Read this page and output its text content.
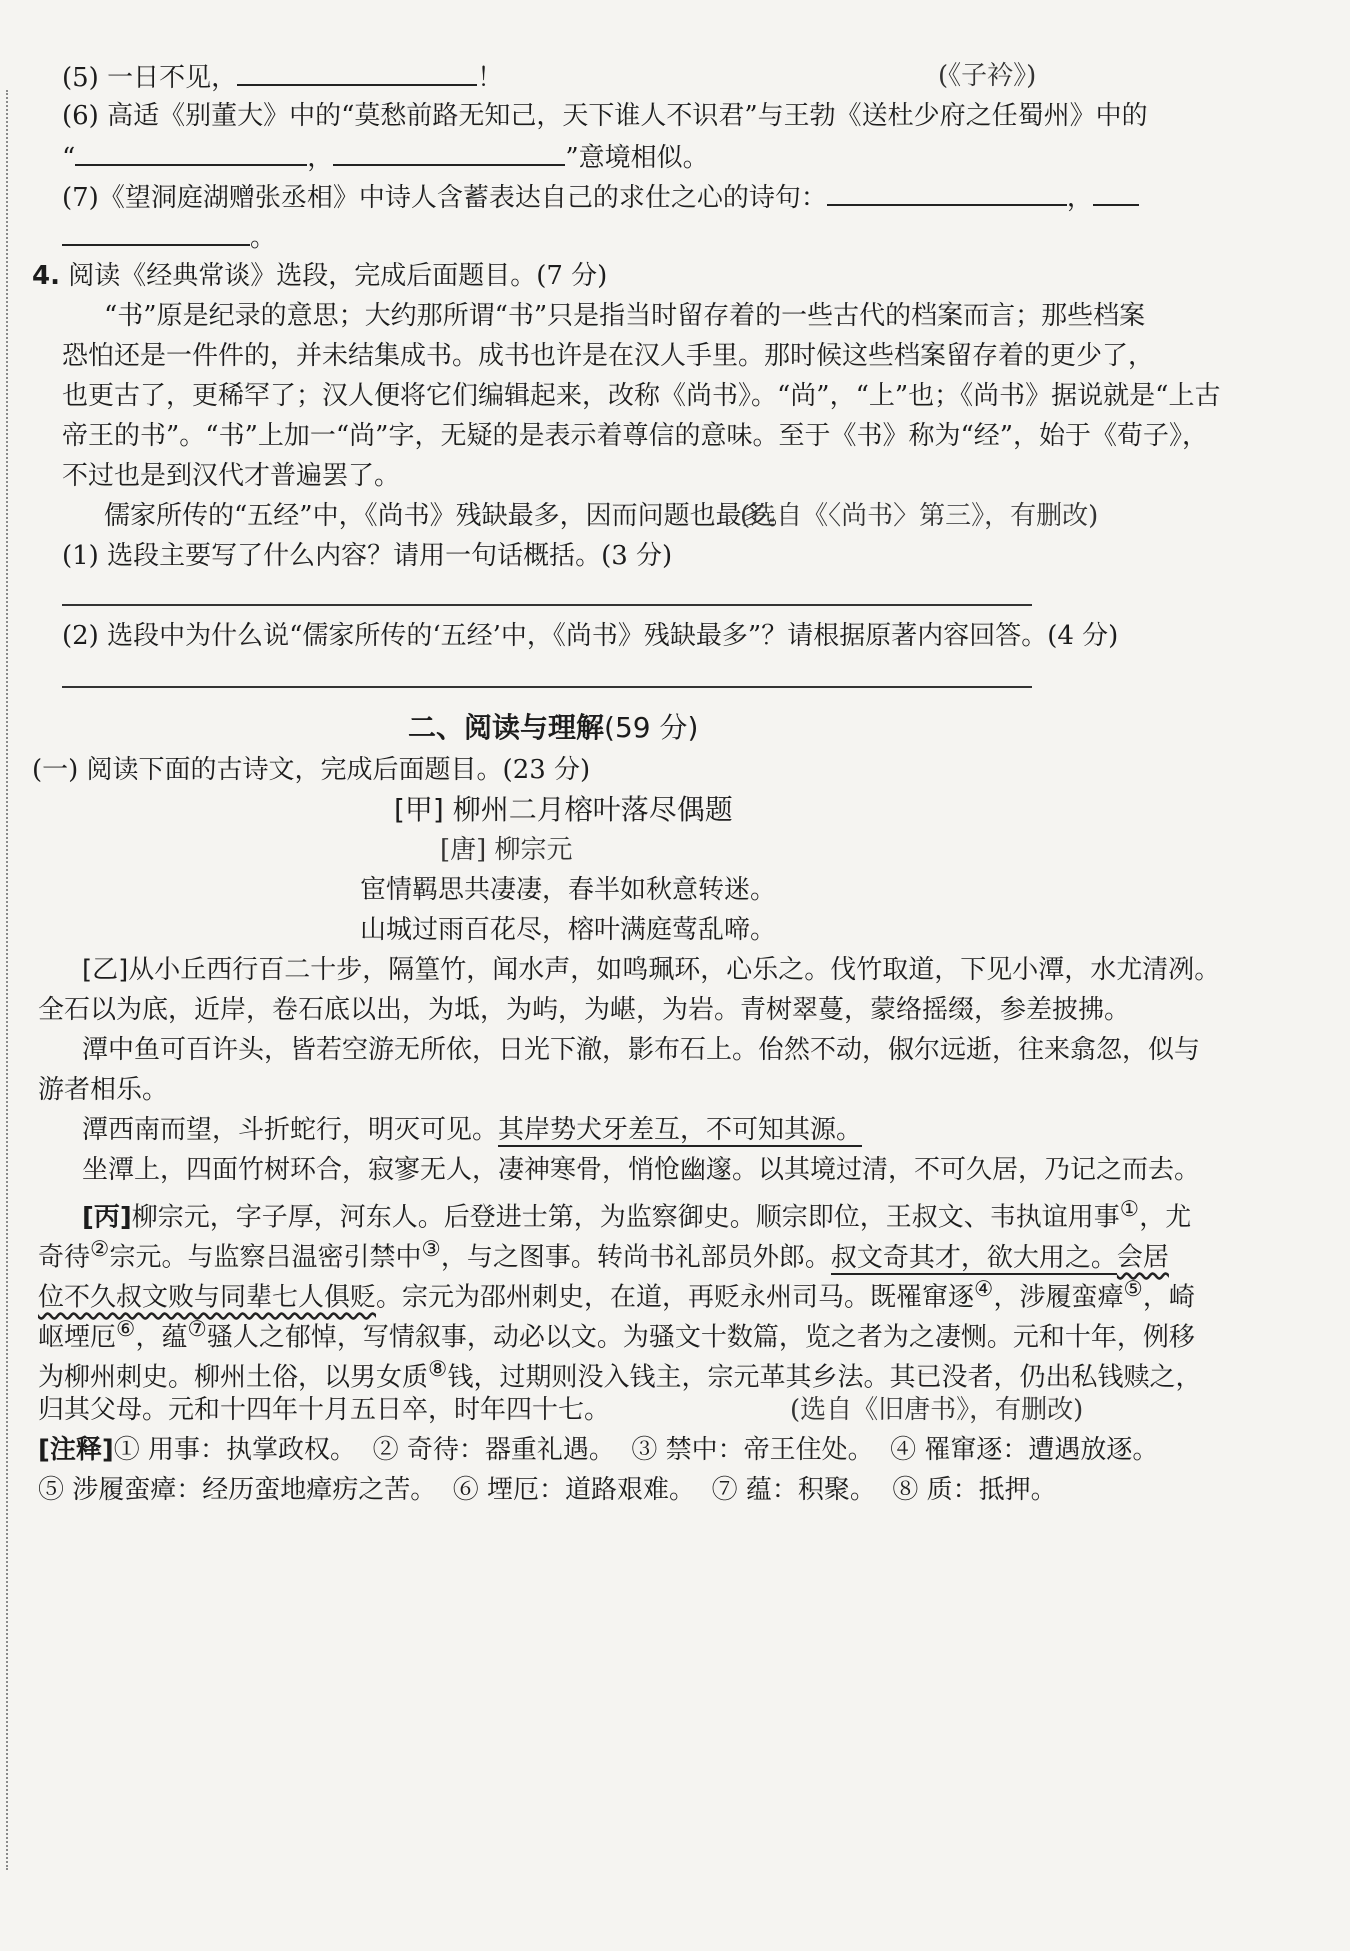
(5) 一日不见，	！	(《子衿》)
(6) 高适《别董大》中的“莫愁前路无知己，天下谁人不识君”与王勃《送杜少府之任蜀州》中的
“	，	”意境相似。
(7)《望洞庭湖赠张丞相》中诗人含蓄表达自己的求仕之心的诗句：	，
。
4. 阅读《经典常谈》选段，完成后面题目。(7 分)
“书”原是纪录的意思；大约那所谓“书”只是指当时留存着的一些古代的档案而言；那些档案
恐怕还是一件件的，并未结集成书。成书也许是在汉人手里。那时候这些档案留存着的更少了，
也更古了，更稀罕了；汉人便将它们编辑起来，改称《尚书》。“尚”，“上”也；《尚书》据说就是“上古
帝王的书”。“书”上加一“尚”字，无疑的是表示着尊信的意味。至于《书》称为“经”，始于《荀子》，
不过也是到汉代才普遍罢了。
儒家所传的“五经”中，《尚书》残缺最多，因而问题也最多。
(选自《〈尚书〉第三》，有删改)
(1) 选段主要写了什么内容？请用一句话概括。(3 分)
(2) 选段中为什么说“儒家所传的‘五经’中，《尚书》残缺最多”？请根据原著内容回答。(4 分)
二、阅读与理解(59 分)
(一) 阅读下面的古诗文，完成后面题目。(23 分)
[甲] 柳州二月榕叶落尽偶题
[唐] 柳宗元
宦情羁思共凄凄，春半如秋意转迷。
山城过雨百花尽，榕叶满庭莺乱啼。
[乙]从小丘西行百二十步，隔篁竹，闻水声，如鸣珮环，心乐之。伐竹取道，下见小潭，水尤清冽。
全石以为底，近岸，卷石底以出，为坻，为屿，为嵁，为岩。青树翠蔓，蒙络摇缀，参差披拂。
潭中鱼可百许头，皆若空游无所依，日光下澈，影布石上。佁然不动，俶尔远逝，往来翕忽，似与
游者相乐。
潭西南而望，斗折蛇行，明灭可见。其岸势犬牙差互，不可知其源。
坐潭上，四面竹树环合，寂寥无人，凄神寒骨，悄怆幽邃。以其境过清，不可久居，乃记之而去。
[丙]柳宗元，字子厚，河东人。后登进士第，为监察御史。顺宗即位，王叔文、韦执谊用事①，尤
奇待②宗元。与监察吕温密引禁中③，与之图事。转尚书礼部员外郎。叔文奇其才，欲大用之。会居
位不久叔文败与同辈七人俱贬。宗元为邵州刺史，在道，再贬永州司马。既罹窜逐④，涉履蛮瘴⑤，崎
岖堙厄⑥，蕴⑦骚人之郁悼，写情叙事，动必以文。为骚文十数篇，览之者为之凄恻。元和十年，例移
为柳州刺史。柳州土俗，以男女质⑧钱，过期则没入钱主，宗元革其乡法。其已没者，仍出私钱赎之，
归其父母。元和十四年十月五日卒，时年四十七。	(选自《旧唐书》，有删改)
[注释]① 用事：执掌政权。  ② 奇待：器重礼遇。  ③ 禁中：帝王住处。  ④ 罹窜逐：遭遇放逐。
⑤ 涉履蛮瘴：经历蛮地瘴疠之苦。  ⑥ 堙厄：道路艰难。  ⑦ 蕴：积聚。  ⑧ 质：抵押。
